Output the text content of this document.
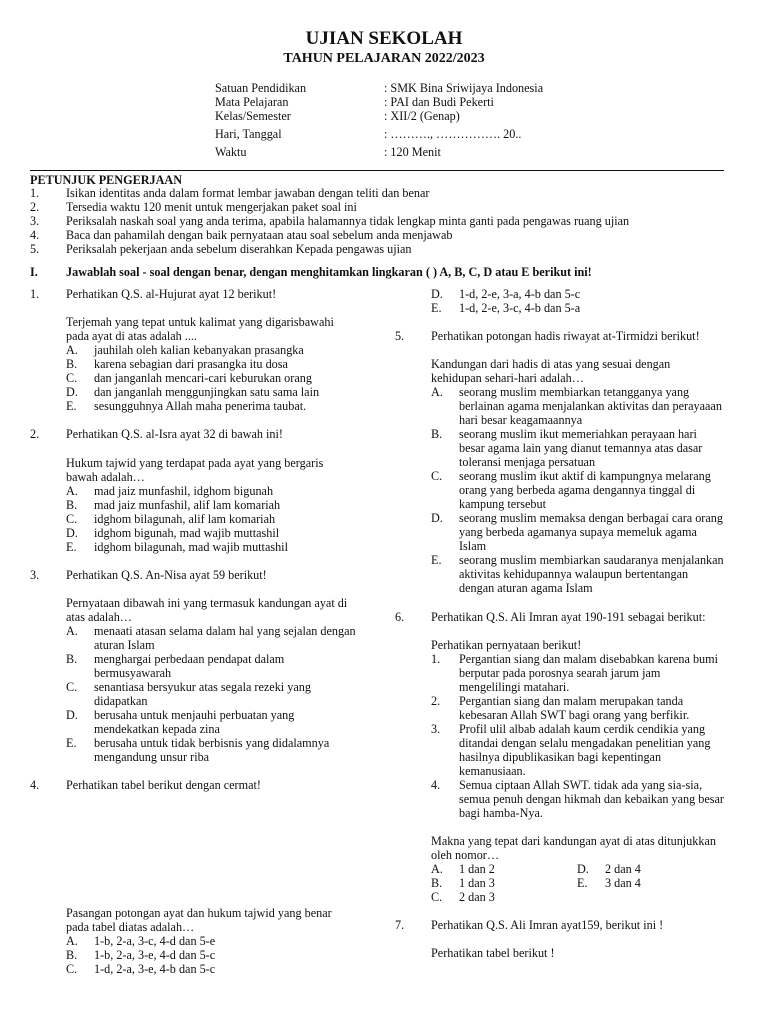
UJIAN SEKOLAH
TAHUN PELAJARAN 2022/2023
Satuan Pendidikan	: SMK Bina Sriwijaya Indonesia
Mata Pelajaran	: PAI dan Budi Pekerti
Kelas/Semester	: XII/2 (Genap)
Hari, Tanggal	: ………., ……………. 20..
Waktu	: 120 Menit
PETUNJUK PENGERJAAN
1.	Isikan identitas anda dalam format lembar jawaban dengan teliti dan benar
2.	Tersedia waktu 120 menit untuk mengerjakan paket soal ini
3.	Periksalah naskah soal yang anda terima, apabila halamannya tidak lengkap minta ganti pada pengawas ruang ujian
4.	Baca dan pahamilah dengan baik pernyataan atau soal sebelum anda menjawab
5.	Periksalah pekerjaan anda sebelum diserahkan Kepada pengawas ujian
I. Jawablah soal - soal dengan benar, dengan menghitamkan lingkaran ( ) A, B, C, D atau E berikut ini!
1.	Perhatikan Q.S. al-Hujurat ayat 12 berikut!
Terjemah yang tepat untuk kalimat yang digarisbawahi
pada ayat di atas adalah ....
A.	jauhilah oleh kalian kebanyakan prasangka
B.	karena sebagian dari prasangka itu dosa
C.	dan janganlah mencari-cari keburukan orang
D.	dan janganlah menggunjingkan satu sama lain
E.	sesungguhnya Allah maha penerima taubat.
2.	Perhatikan Q.S. al-Isra ayat 32 di bawah ini!
Hukum tajwid yang terdapat pada ayat yang bergaris
bawah adalah…
A.	mad jaiz munfashil, idghom bigunah
B.	mad jaiz munfashil, alif lam komariah
C.	idghom bilagunah, alif lam komariah
D.	idghom bigunah, mad wajib muttashil
E.	idghom bilagunah, mad wajib muttashil
3.	Perhatikan Q.S. An-Nisa ayat 59 berikut!
Pernyataan dibawah ini yang termasuk kandungan ayat di
atas adalah…
A.	menaati atasan selama dalam hal yang sejalan dengan
aturan Islam
B.	menghargai perbedaan pendapat dalam
bermusyawarah
C.	senantiasa bersyukur atas segala rezeki yang
didapatkan
D.	berusaha untuk menjauhi perbuatan yang
mendekatkan kepada zina
E.	berusaha untuk tidak berbisnis yang didalamnya
mengandung unsur riba
4.	Perhatikan tabel berikut dengan cermat!
Pasangan potongan ayat dan hukum tajwid yang benar
pada tabel diatas adalah…
A.	1-b, 2-a, 3-c, 4-d dan 5-e
B.	1-b, 2-a, 3-e, 4-d dan 5-c
C.	1-d, 2-a, 3-e, 4-b dan 5-c
D.	1-d, 2-e, 3-a, 4-b dan 5-c
E.	1-d, 2-e, 3-c, 4-b dan 5-a
5.	Perhatikan potongan hadis riwayat at-Tirmidzi berikut!
Kandungan dari hadis di atas yang sesuai dengan
kehidupan sehari-hari adalah…
A.	seorang muslim membiarkan tetangganya yang
berlainan agama menjalankan aktivitas dan perayaaan
hari besar keagamaannya
B.	seorang muslim ikut memeriahkan perayaan hari
besar agama lain yang dianut temannya atas dasar
toleransi menjaga persatuan
C.	seorang muslim ikut aktif di kampungnya melarang
orang yang berbeda agama dengannya tinggal di
kampung tersebut
D.	seorang muslim memaksa dengan berbagai cara orang
yang berbeda agamanya supaya memeluk agama
Islam
E.	seorang muslim membiarkan saudaranya menjalankan
aktivitas kehidupannya walaupun bertentangan
dengan aturan agama Islam
6.	Perhatikan Q.S. Ali Imran ayat 190-191 sebagai berikut:
Perhatikan pernyataan berikut!
1. Pergantian siang dan malam disebabkan karena bumi
berputar pada porosnya searah jarum jam
mengelilingi matahari.
2. Pergantian siang dan malam merupakan tanda
kebesaran Allah SWT bagi orang yang berfikir.
3. Profil ulil albab adalah kaum cerdik cendikia yang
ditandai dengan selalu mengadakan penelitian yang
hasilnya dipublikasikan bagi kepentingan
kemanusiaan.
4. Semua ciptaan Allah SWT. tidak ada yang sia-sia,
semua penuh dengan hikmah dan kebaikan yang besar
bagi hamba-Nya.
Makna yang tepat dari kandungan ayat di atas ditunjukkan
oleh nomor…
A.	1 dan 2
B.	1 dan 3
C.	2 dan 3
D.	2 dan 4
E.	3 dan 4
7.	Perhatikan Q.S. Ali Imran ayat159, berikut ini !
Perhatikan tabel berikut !
